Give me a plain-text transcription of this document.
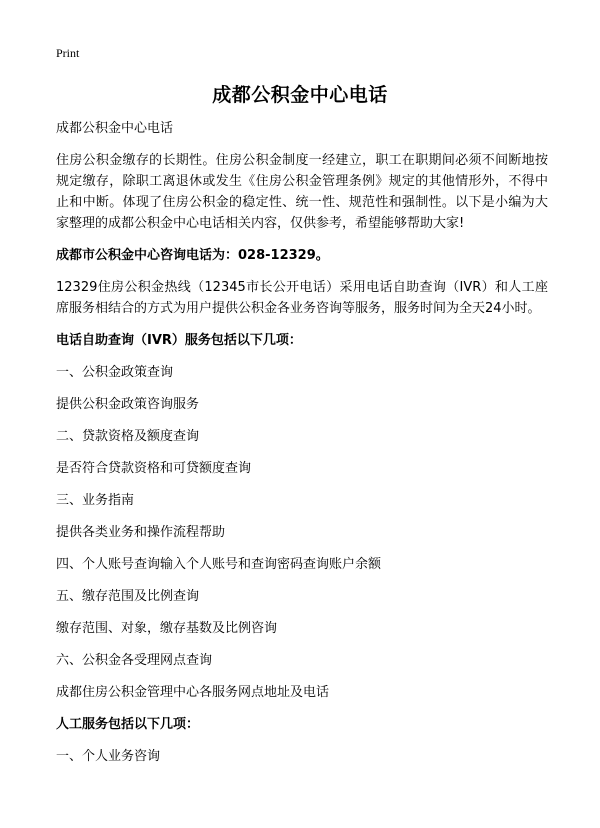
Print
成都公积金中心电话

成都公积金中心电话

住房公积金缴存的长期性。住房公积金制度一经建立，职工在职期间必须不间断地按规定缴存，除职工离退休或发生《住房公积金管理条例》规定的其他情形外，不得中止和中断。体现了住房公积金的稳定性、统一性、规范性和强制性。以下是小编为大家整理的成都公积金中心电话相关内容，仅供参考，希望能够帮助大家!

成都市公积金中心咨询电话为：028-12329。

12329住房公积金热线（12345市长公开电话）采用电话自助查询（IVR）和人工座席服务相结合的方式为用户提供公积金各业务咨询等服务，服务时间为全天24小时。

电话自助查询（IVR）服务包括以下几项：

一、公积金政策查询

提供公积金政策咨询服务

二、贷款资格及额度查询

是否符合贷款资格和可贷额度查询

三、业务指南

提供各类业务和操作流程帮助

四、个人账号查询输入个人账号和查询密码查询账户余额

五、缴存范围及比例查询

缴存范围、对象，缴存基数及比例咨询

六、公积金各受理网点查询

成都住房公积金管理中心各服务网点地址及电话

人工服务包括以下几项：

一、个人业务咨询
